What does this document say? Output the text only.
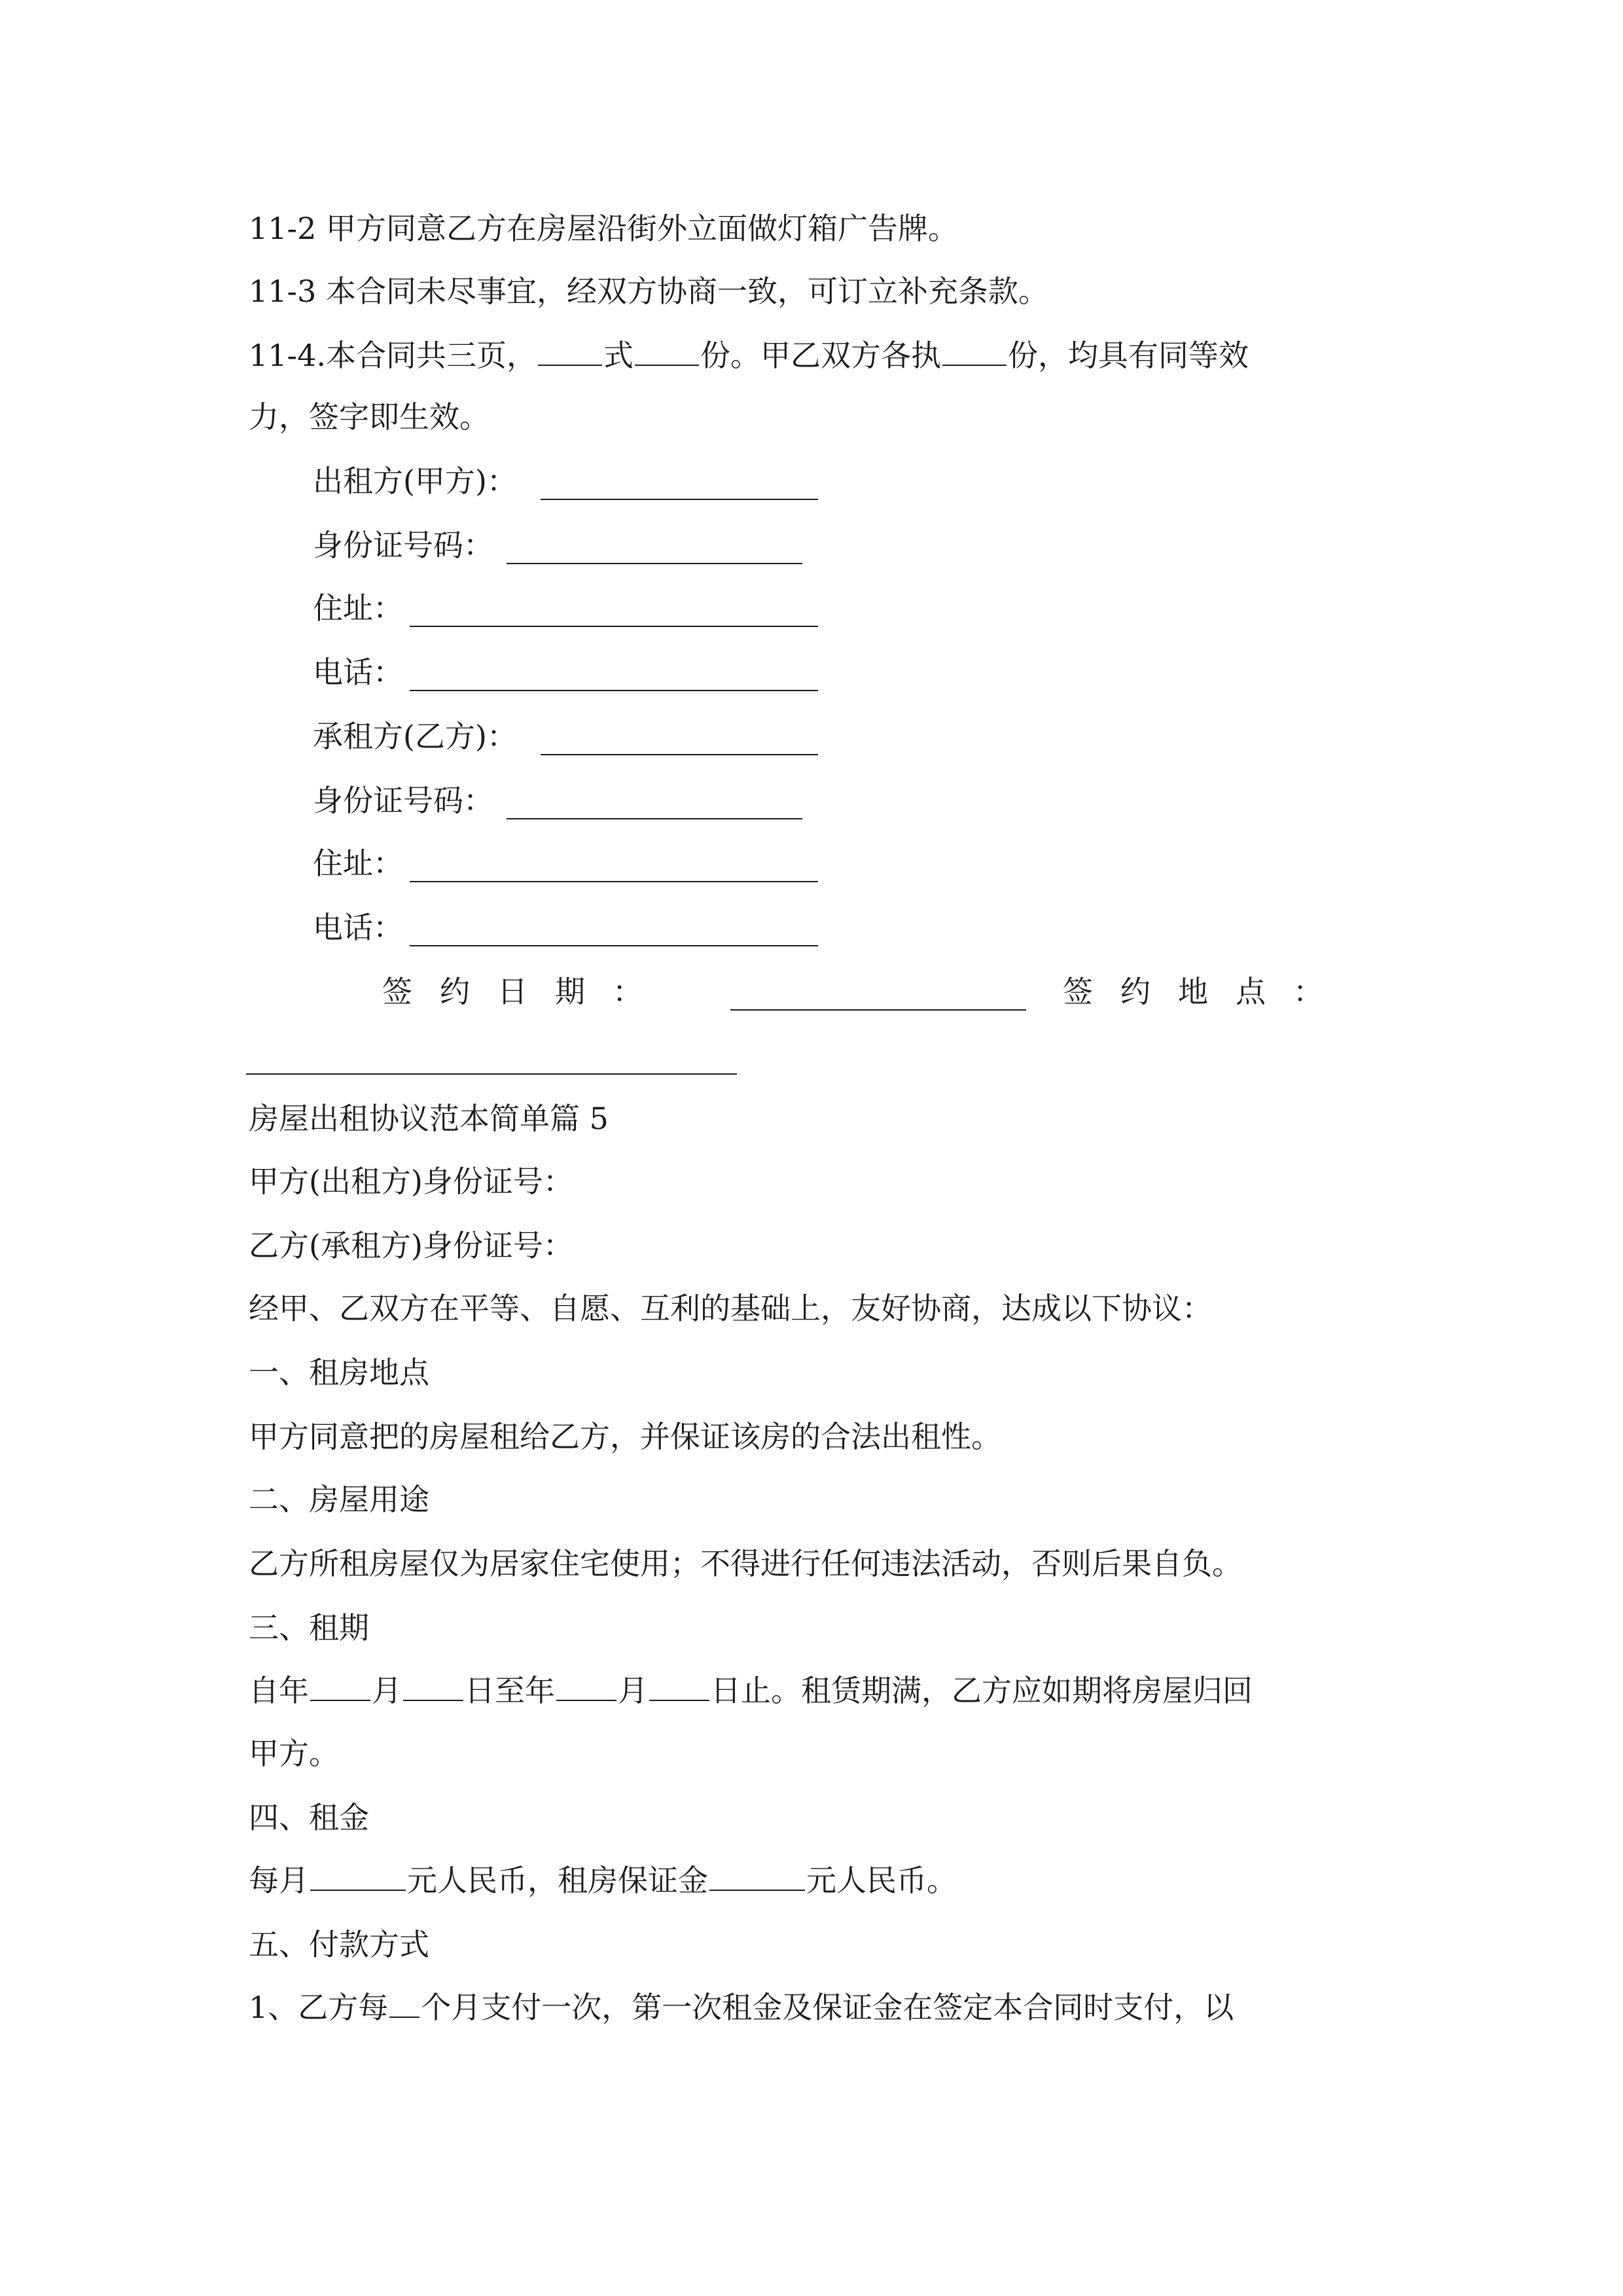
11-2 甲方同意乙方在房屋沿街外立面做灯箱广告牌。
11-3 本合同未尽事宜，经双方协商一致，可订立补充条款。
11-4.本合同共三页， 式 份。甲乙双方各执 份，均具有同等效
力，签字即生效。
出租方(甲方)：
身份证号码：
住址：
电话：
承租方(乙方)：
身份证号码：
住址：
电话：
签约日期：	签约地点：
房屋出租协议范本简单篇 5
甲方(出租方)身份证号：
乙方(承租方)身份证号：
经甲、乙双方在平等、自愿、互利的基础上，友好协商，达成以下协议：
一、租房地点
甲方同意把的房屋租给乙方，并保证该房的合法出租性。
二、房屋用途
乙方所租房屋仅为居家住宅使用；不得进行任何违法活动，否则后果自负。
三、租期
自年 月 日至年 月 日止。租赁期满，乙方应如期将房屋归回
甲方。
四、租金
每月	元人民币，租房保证金	元人民币。
五、付款方式
1、乙方每 个月支付一次，第一次租金及保证金在签定本合同时支付，以
